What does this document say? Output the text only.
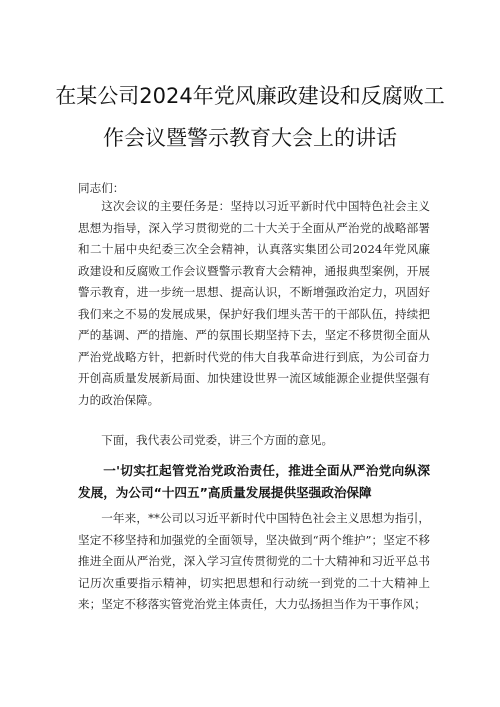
在某公司2024年党风廉政建设和反腐败工
作会议暨警示教育大会上的讲话
同志们：
这次会议的主要任务是：坚持以习近平新时代中国特色社会主义思想为指导，深入学习贯彻党的二十大关于全面从严治党的战略部署和二十届中央纪委三次全会精神，认真落实集团公司2024年党风廉政建设和反腐败工作会议暨警示教育大会精神，通报典型案例，开展警示教育，进一步统一思想、提高认识，不断增强政治定力，巩固好我们来之不易的发展成果，保护好我们埋头苦干的干部队伍，持续把严的基调、严的措施、严的氛围长期坚持下去，坚定不移贯彻全面从严治党战略方针，把新时代党的伟大自我革命进行到底，为公司奋力开创高质量发展新局面、加快建设世界一流区域能源企业提供坚强有力的政治保障。
下面，我代表公司党委，讲三个方面的意见。
一'切实扛起管党治党政治责任，推进全面从严治党向纵深发展，为公司“十四五”高质量发展提供坚强政治保障
一年来，**公司以习近平新时代中国特色社会主义思想为指引，坚定不移坚持和加强党的全面领导，坚决做到“两个维护”；坚定不移推进全面从严治党，深入学习宣传贯彻党的二十大精神和习近平总书记历次重要指示精神，切实把思想和行动统一到党的二十大精神上来；坚定不移落实管党治党主体责任，大力弘扬担当作为干事作风；
